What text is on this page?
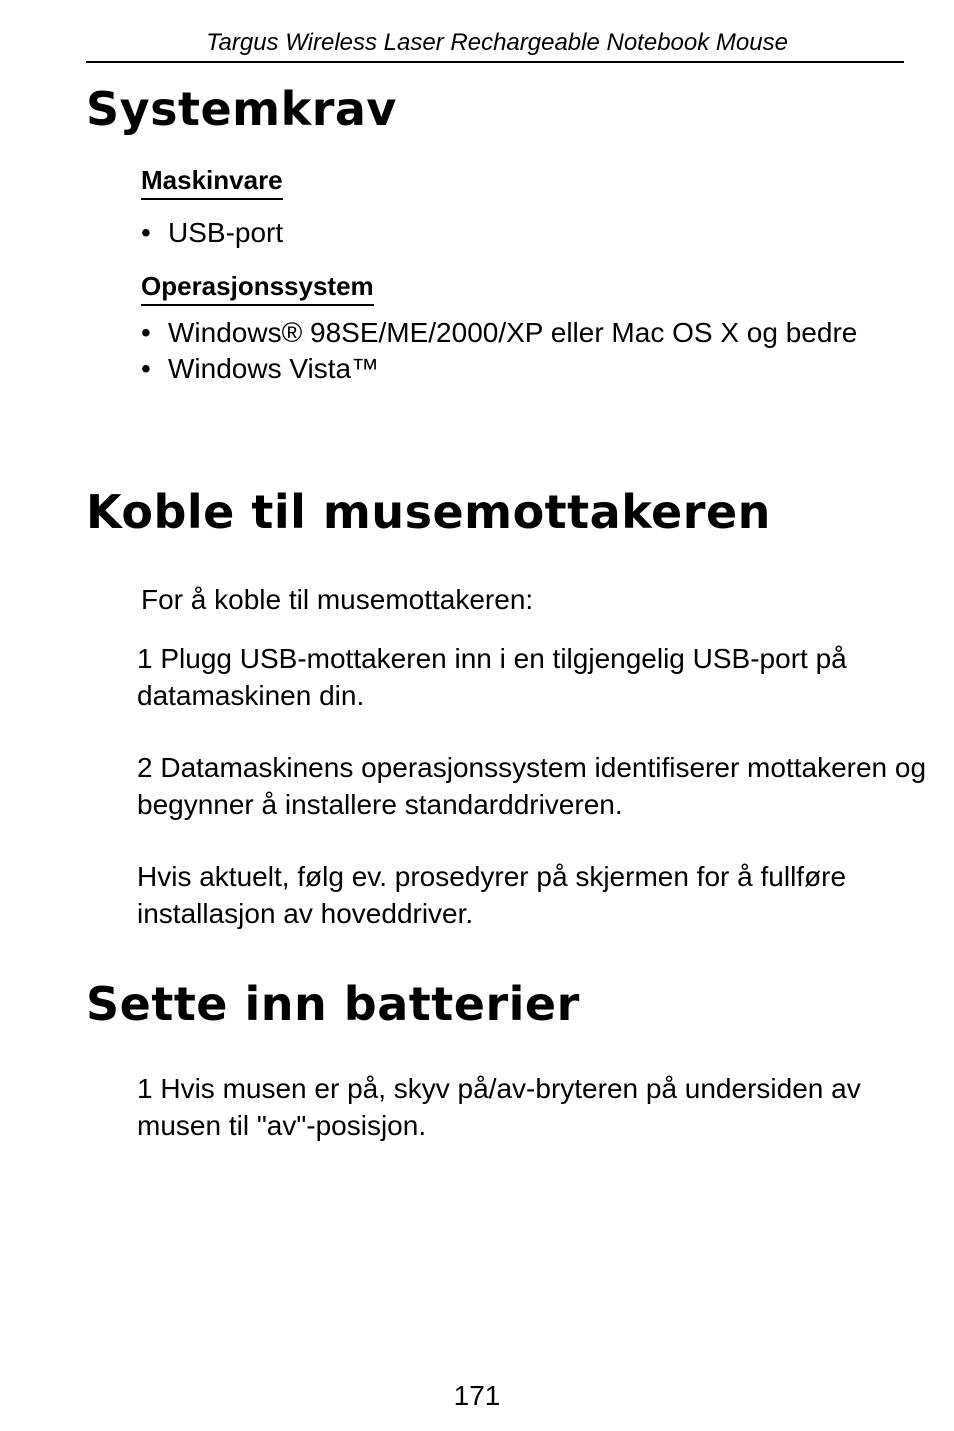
Targus Wireless Laser Rechargeable Notebook Mouse
Systemkrav
Maskinvare
• USB-port
Operasjonssystem
• Windows® 98SE/ME/2000/XP eller Mac OS X og bedre
• Windows Vista™
Koble til musemottakeren

For å koble til musemottakeren:

1 Plugg USB-mottakeren inn i en tilgjengelig USB-port på datamaskinen din.

2 Datamaskinens operasjonssystem identifiserer mottakeren og begynner å installere standarddriveren.

Hvis aktuelt, følg ev. prosedyrer på skjermen for å fullføre installasjon av hoveddriver.

Sette inn batterier

1 Hvis musen er på, skyv på/av-bryteren på undersiden av musen til "av"-posisjon.

171
